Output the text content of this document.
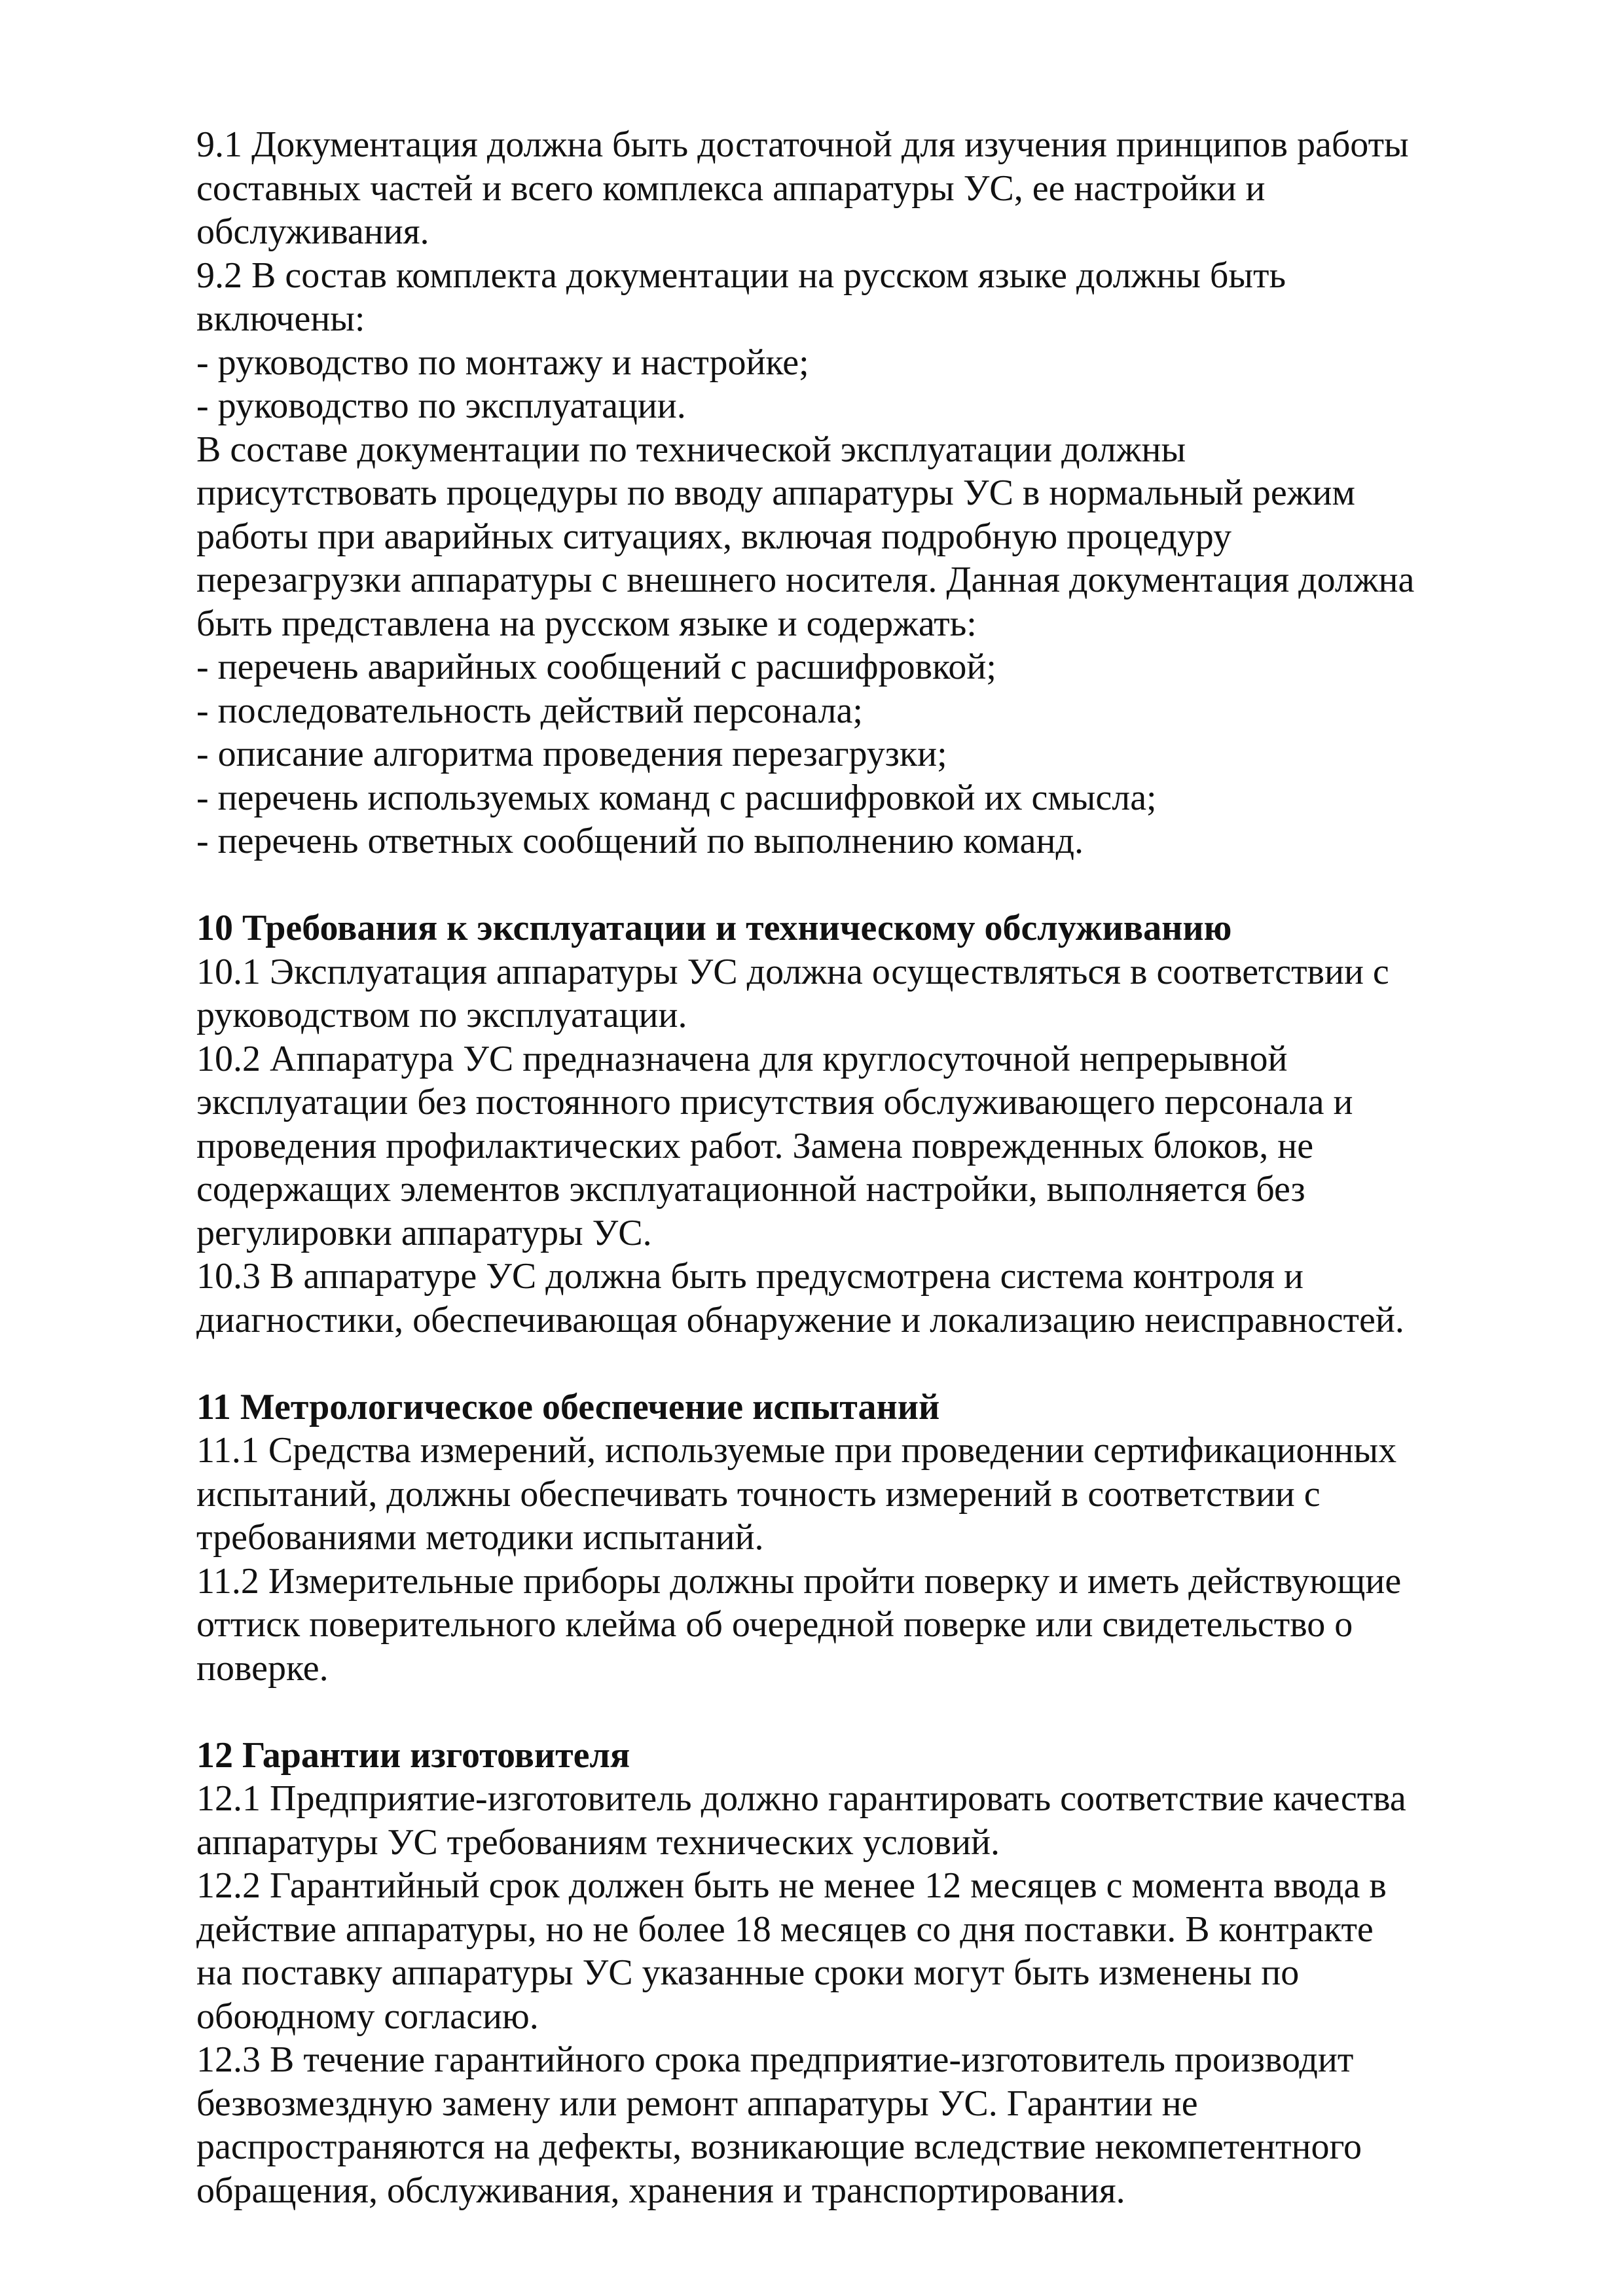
9.1 Документация должна быть достаточной для изучения принципов работы
составных частей и всего комплекса аппаратуры УС, ее настройки и
обслуживания.
9.2 В состав комплекта документации на русском языке должны быть
включены:
- руководство по монтажу и настройке;
- руководство по эксплуатации.
В составе документации по технической эксплуатации должны
присутствовать процедуры по вводу аппаратуры УС в нормальный режим
работы при аварийных ситуациях, включая подробную процедуру
перезагрузки аппаратуры с внешнего носителя. Данная документация должна
быть представлена на русском языке и содержать:
- перечень аварийных сообщений с расшифровкой;
- последовательность действий персонала;
- описание алгоритма проведения перезагрузки;
- перечень используемых команд с расшифровкой их смысла;
- перечень ответных сообщений по выполнению команд.
10 Требования к эксплуатации и техническому обслуживанию
10.1 Эксплуатация аппаратуры УС должна осуществляться в соответствии с
руководством по эксплуатации.
10.2 Аппаратура УС предназначена для круглосуточной непрерывной
эксплуатации без постоянного присутствия обслуживающего персонала и
проведения профилактических работ. Замена поврежденных блоков, не
содержащих элементов эксплуатационной настройки, выполняется без
регулировки аппаратуры УС.
10.3 В аппаратуре УС должна быть предусмотрена система контроля и
диагностики, обеспечивающая обнаружение и локализацию неисправностей.
11 Метрологическое обеспечение испытаний
11.1 Средства измерений, используемые при проведении сертификационных
испытаний, должны обеспечивать точность измерений в соответствии с
требованиями методики испытаний.
11.2 Измерительные приборы должны пройти поверку и иметь действующие
оттиск поверительного клейма об очередной поверке или свидетельство о
поверке.
12 Гарантии изготовителя
12.1 Предприятие-изготовитель должно гарантировать соответствие качества
аппаратуры УС требованиям технических условий.
12.2 Гарантийный срок должен быть не менее 12 месяцев с момента ввода в
действие аппаратуры, но не более 18 месяцев со дня поставки. В контракте
на поставку аппаратуры УС указанные сроки могут быть изменены по
обоюдному согласию.
12.3 В течение гарантийного срока предприятие-изготовитель производит
безвозмездную замену или ремонт аппаратуры УС. Гарантии не
распространяются на дефекты, возникающие вследствие некомпетентного
обращения, обслуживания, хранения и транспортирования.
